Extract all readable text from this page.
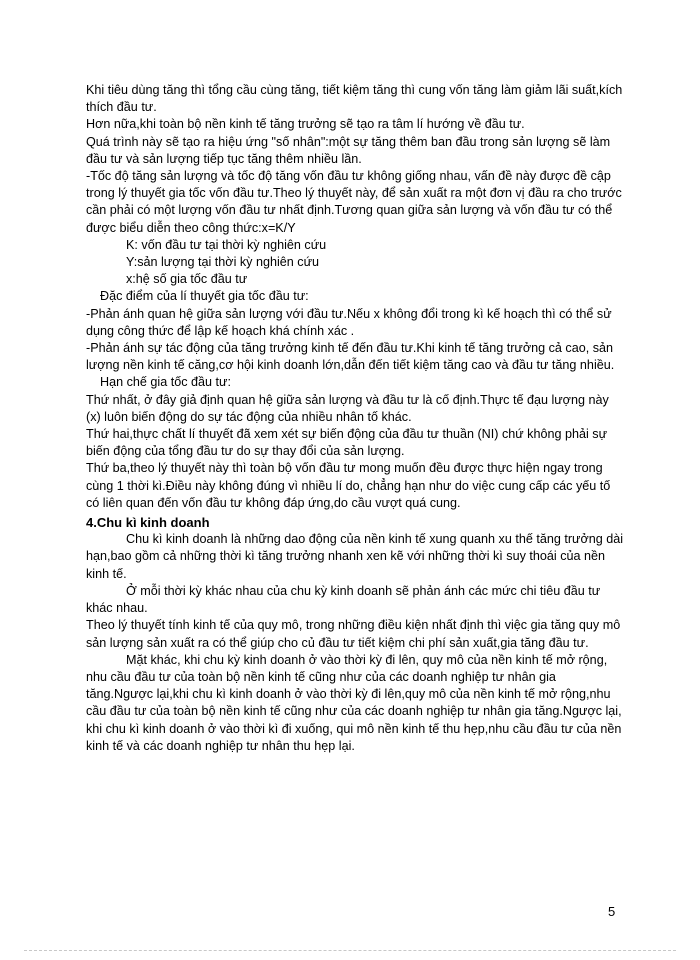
Khi tiêu dùng tăng thì tổng cầu cùng tăng, tiết kiệm tăng thì cung vốn tăng làm giảm lãi suất,kích thích đầu tư.

Hơn nữa,khi toàn bộ nền kinh tế tăng trưởng sẽ tạo ra tâm lí hướng về đầu tư.

Quá trình này sẽ tạo ra hiệu ứng "số nhân":một sự tăng thêm ban đầu trong sản lượng sẽ làm đầu tư và sản lượng tiếp tục tăng thêm nhiều lần.

-Tốc độ tăng sản lượng và tốc độ tăng vốn đầu tư không giống nhau, vấn đề này được đề cập trong lý thuyết gia tốc vốn đầu tư.Theo lý thuyết này, để sản xuất ra một đơn vị đầu ra cho trước cần phải có một lượng vốn đầu tư nhất định.Tương quan giữa sản lượng và vốn đầu tư có thể được biểu diễn theo công thức:x=K/Y

K: vốn đầu tư tại thời kỳ nghiên cứu

Y:sản lượng tại thời kỳ nghiên cứu

x:hệ số gia tốc đầu tư

Đặc điểm của lí thuyết gia tốc đầu tư:

-Phản ánh quan hệ giữa sản lượng với đầu tư.Nếu x không đổi trong kì kế hoạch thì có thể sử dụng công thức để lập kế hoạch khá chính xác .

-Phản ánh sự tác động của tăng trưởng kinh tế đến đầu tư.Khi kinh tế tăng trưởng cả cao, sản lượng nền kinh tế căng,cơ hội kinh doanh lớn,dẫn đến tiết kiệm tăng cao và đầu tư tăng nhiều.

Hạn chế gia tốc đầu tư:

Thứ nhất, ở đây giả định quan hệ giữa sản lượng và đầu tư là cố định.Thực tế đạu lượng này (x) luôn biến động do sự tác động của nhiều nhân tố khác.

Thứ hai,thực chất lí thuyết đã xem xét sự biến động của đầu tư thuần (NI) chứ không phải sự biến động của tổng đầu tư do sự thay đổi của sản lượng.

Thứ ba,theo lý thuyết này thì toàn bộ vốn đầu tư mong muốn đều được thực hiện ngay trong cùng 1 thời kì.Điều này không đúng vì nhiều lí do, chẳng hạn như do việc cung cấp các yếu tố có liên quan đến vốn đầu tư không đáp ứng,do cầu vượt quá cung.

4.Chu kì kinh doanh

Chu kì kinh doanh là những dao động của nền kinh tế xung quanh xu thế tăng trưởng dài hạn,bao gồm cả những thời kì tăng trưởng nhanh xen kẽ với những thời kì suy thoái của nền kinh tế.

Ở mỗi thời kỳ khác nhau của chu kỳ kinh doanh sẽ phản ánh các mức chi tiêu đầu tư khác nhau.

Theo lý thuyết tính kinh tế của quy mô, trong những điều kiện nhất định thì việc gia tăng quy mô sản lượng sản xuất ra có thể giúp cho củ đầu tư tiết kiệm chi phí sản xuất,gia tăng đầu tư.

Mặt khác, khi chu kỳ kinh doanh ở vào thời kỳ đi lên, quy mô của nền kinh tế mở rộng, nhu cầu đầu tư của toàn bộ nền kinh tế cũng như của các doanh nghiệp tư nhân gia tăng.Ngược lại,khi chu kì kinh doanh ở vào thời kỳ đi lên,quy mô của nền kinh tế mở rộng,nhu cầu đầu tư của toàn bộ nền kinh tế cũng như của các doanh nghiệp tư nhân gia tăng.Ngược lại, khi chu kì kinh doanh ở vào thời kì đi xuống, qui mô nền kinh tế thu hẹp,nhu cầu đầu tư của nền kinh tế và các doanh nghiệp tư nhân thu hẹp lại.

5
